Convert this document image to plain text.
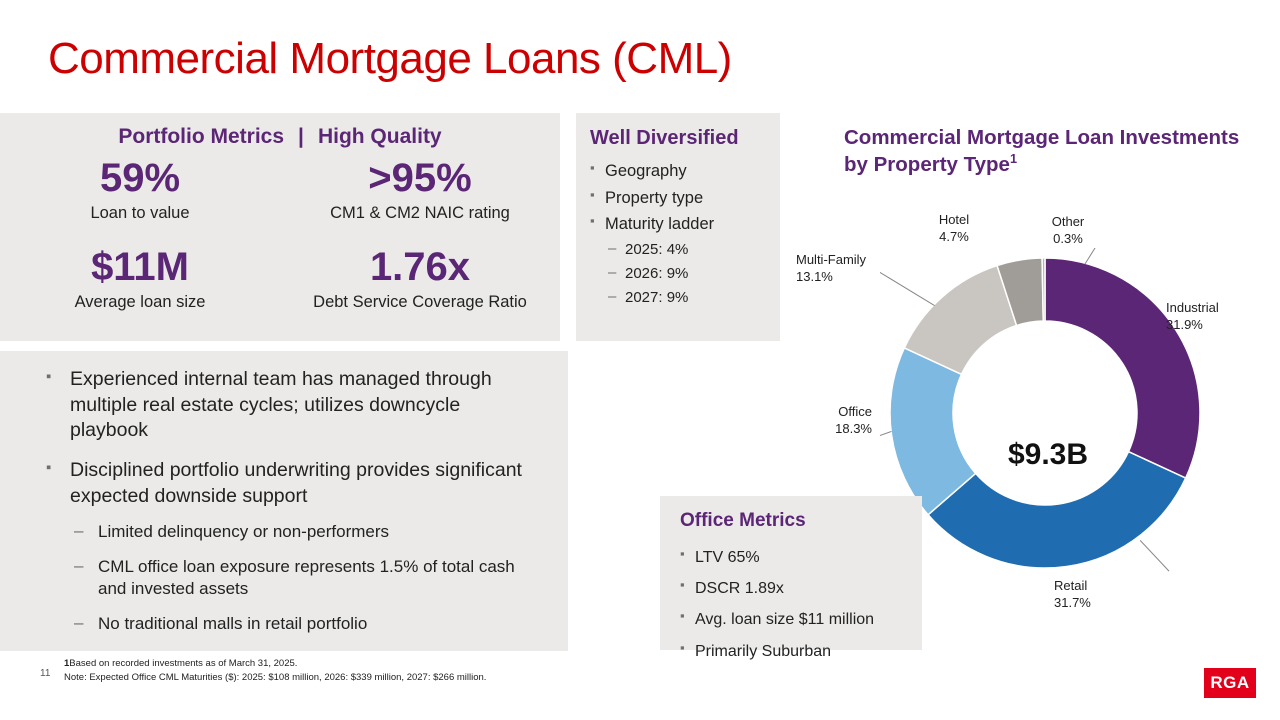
Commercial Mortgage Loans (CML)
Portfolio Metrics | High Quality
59%
Loan to value
$11M
Average loan size
>95%
CM1 & CM2 NAIC rating
1.76x
Debt Service Coverage Ratio
Well Diversified
▪ Geography
▪ Property type
▪ Maturity ladder
– 2025: 4%
– 2026: 9%
– 2027: 9%
▪ Experienced internal team has managed through multiple real estate cycles; utilizes downcycle playbook
▪ Disciplined portfolio underwriting provides significant expected downside support
– Limited delinquency or non-performers
– CML office loan exposure represents 1.5% of total cash and invested assets
– No traditional malls in retail portfolio
Commercial Mortgage Loan Investments by Property Type$^1$
$9.3B
Industrial
31.9%
Retail
31.7%
Office
18.3%
Multi-Family
13.1%
Hotel
4.7%
Other
0.3%
Office Metrics
▪ LTV 65%
▪ DSCR 1.89x
▪ Avg. loan size $11 million
▪ Primarily Suburban
1Based on recorded investments as of March 31, 2025.
Note: Expected Office CML Maturities ($): 2025: $108 million, 2026: $339 million, 2027: $266 million.
11	RGA
